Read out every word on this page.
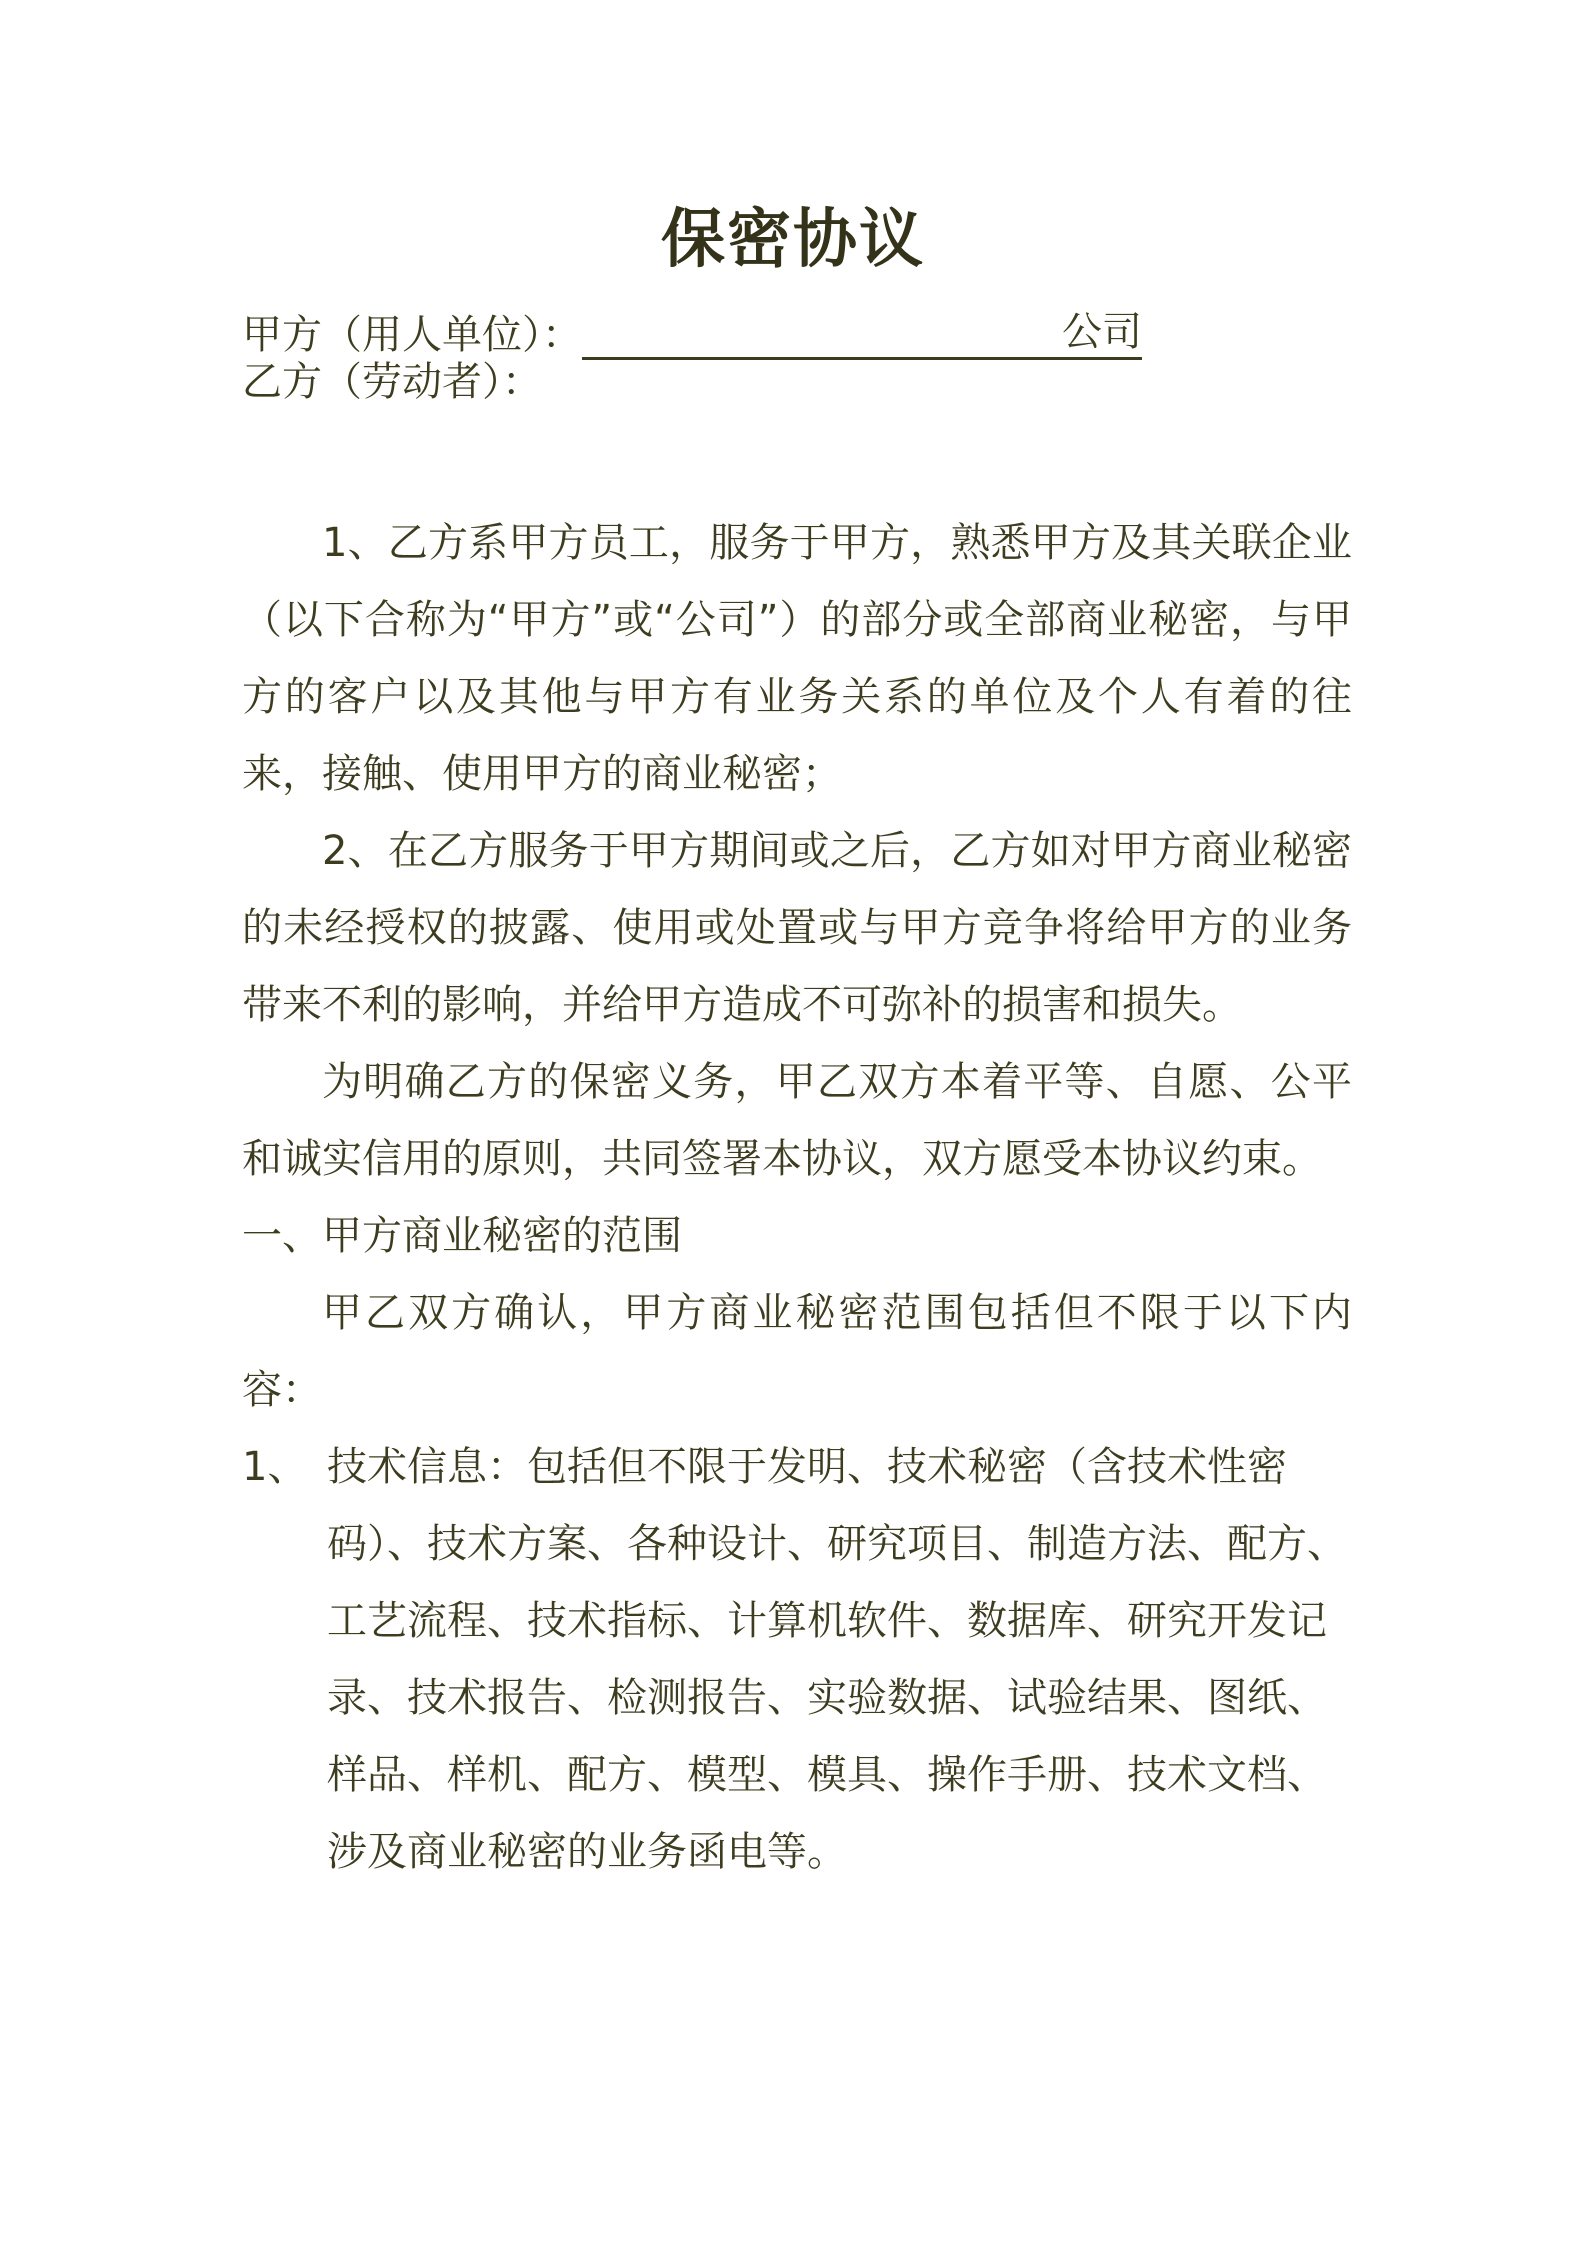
保密协议
甲方（用人单位）：	公司
乙方（劳动者）：

1、乙方系甲方员工，服务于甲方，熟悉甲方及其关联企业（以下合称为“甲方”或“公司”）的部分或全部商业秘密，与甲方的客户以及其他与甲方有业务关系的单位及个人有着的往来，接触、使用甲方的商业秘密；

2、在乙方服务于甲方期间或之后，乙方如对甲方商业秘密的未经授权的披露、使用或处置或与甲方竞争将给甲方的业务带来不利的影响，并给甲方造成不可弥补的损害和损失。

为明确乙方的保密义务，甲乙双方本着平等、自愿、公平和诚实信用的原则，共同签署本协议，双方愿受本协议约束。

一、甲方商业秘密的范围

甲乙双方确认，甲方商业秘密范围包括但不限于以下内容：

1、 技术信息：包括但不限于发明、技术秘密（含技术性密码）、技术方案、各种设计、研究项目、制造方法、配方、工艺流程、技术指标、计算机软件、数据库、研究开发记录、技术报告、检测报告、实验数据、试验结果、图纸、样品、样机、配方、模型、模具、操作手册、技术文档、涉及商业秘密的业务函电等。
